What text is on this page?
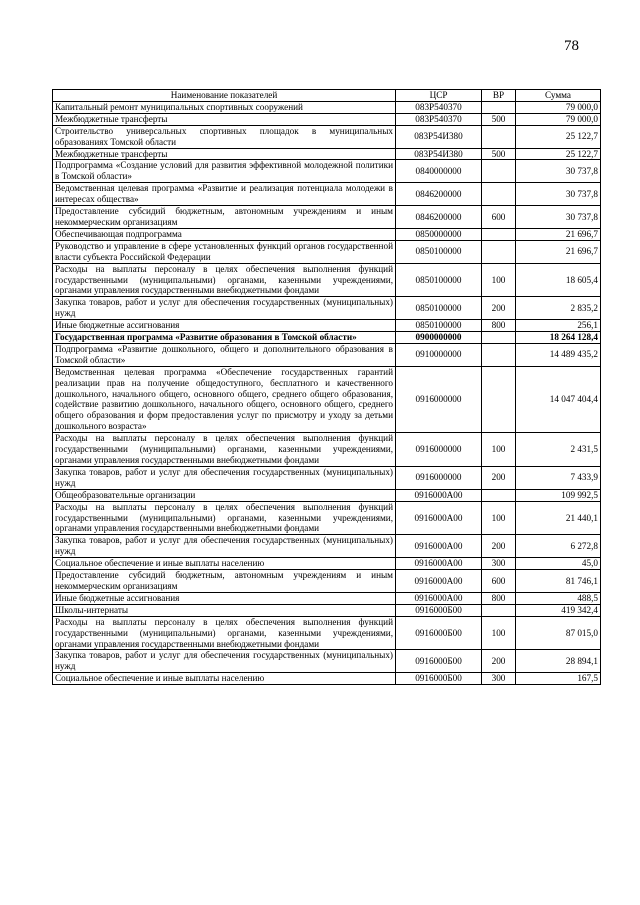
78
Наименование показателей	ЦСР	ВР	Сумма
Капитальный ремонт муниципальных спортивных сооружений	083P540370		79 000,0
Межбюджетные трансферты	083P540370	500	79 000,0
Строительство универсальных спортивных площадок в муниципальных образованиях Томской области	083P54И380		25 122,7
Межбюджетные трансферты	083P54И380	500	25 122,7
Подпрограмма «Создание условий для развития эффективной молодежной политики в Томской области»	0840000000		30 737,8
Ведомственная целевая программа «Развитие и реализация потенциала молодежи в интересах общества»	0846200000		30 737,8
Предоставление субсидий бюджетным, автономным учреждениям и иным некоммерческим организациям	0846200000	600	30 737,8
Обеспечивающая подпрограмма	0850000000		21 696,7
Руководство и управление в сфере установленных функций органов государственной власти субъекта Российской Федерации	0850100000		21 696,7
Расходы на выплаты персоналу в целях обеспечения выполнения функций государственными (муниципальными) органами, казенными учреждениями, органами управления государственными внебюджетными фондами	0850100000	100	18 605,4
Закупка товаров, работ и услуг для обеспечения государственных (муниципальных) нужд	0850100000	200	2 835,2
Иные бюджетные ассигнования	0850100000	800	256,1
Государственная программа «Развитие образования в Томской области»	0900000000		18 264 128,4
Подпрограмма «Развитие дошкольного, общего и дополнительного образования в Томской области»	0910000000		14 489 435,2
Ведомственная целевая программа «Обеспечение государственных гарантий реализации прав на получение общедоступного, бесплатного и качественного дошкольного, начального общего, основного общего, среднего общего образования, содействие развитию дошкольного, начального общего, основного общего, среднего общего образования и форм предоставления услуг по присмотру и уходу за детьми дошкольного возраста»	0916000000		14 047 404,4
Расходы на выплаты персоналу в целях обеспечения выполнения функций государственными (муниципальными) органами, казенными учреждениями, органами управления государственными внебюджетными фондами	0916000000	100	2 431,5
Закупка товаров, работ и услуг для обеспечения государственных (муниципальных) нужд	0916000000	200	7 433,9
Общеобразовательные организации	0916000А00		109 992,5
Расходы на выплаты персоналу в целях обеспечения выполнения функций государственными (муниципальными) органами, казенными учреждениями, органами управления государственными внебюджетными фондами	0916000А00	100	21 440,1
Закупка товаров, работ и услуг для обеспечения государственных (муниципальных) нужд	0916000А00	200	6 272,8
Социальное обеспечение и иные выплаты населению	0916000А00	300	45,0
Предоставление субсидий бюджетным, автономным учреждениям и иным некоммерческим организациям	0916000А00	600	81 746,1
Иные бюджетные ассигнования	0916000А00	800	488,5
Школы-интернаты	0916000Б00		419 342,4
Расходы на выплаты персоналу в целях обеспечения выполнения функций государственными (муниципальными) органами, казенными учреждениями, органами управления государственными внебюджетными фондами	0916000Б00	100	87 015,0
Закупка товаров, работ и услуг для обеспечения государственных (муниципальных) нужд	0916000Б00	200	28 894,1
Социальное обеспечение и иные выплаты населению	0916000Б00	300	167,5
